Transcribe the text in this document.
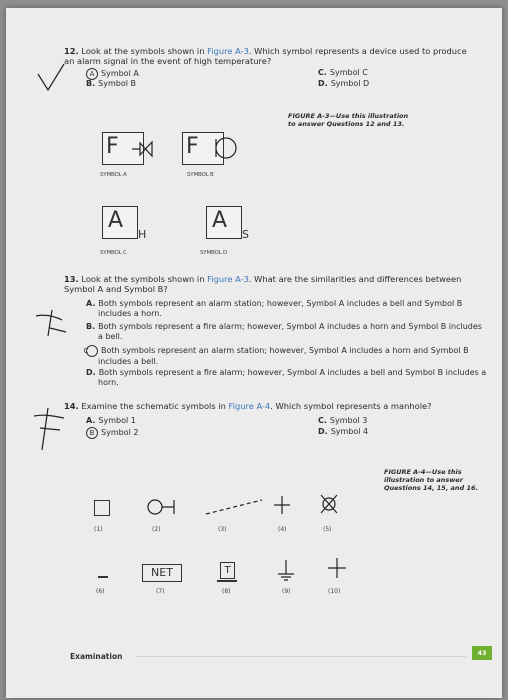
12. Look at the symbols shown in Figure A-3. Which symbol represents a device used to produce an alarm signal in the event of high temperature?
A Symbol A
B. Symbol B
C. Symbol C
D. Symbol D
FIGURE A-3—Use this illustration to answer Questions 12 and 13.
F
SYMBOL A
F
SYMBOL B
A
H
SYMBOL C
A
S
SYMBOL D
13. Look at the symbols shown in Figure A-3. What are the similarities and differences between Symbol A and Symbol B?
A. Both symbols represent an alarm station; however, Symbol A includes a bell and Symbol B includes a horn.
B. Both symbols represent a fire alarm; however, Symbol A includes a horn and Symbol B includes a bell.
C Both symbols represent an alarm station; however, Symbol A includes a horn and Symbol B includes a bell.
D. Both symbols represent a fire alarm; however, Symbol A includes a bell and Symbol B includes a horn.
14. Examine the schematic symbols in Figure A-4. Which symbol represents a manhole?
A. Symbol 1
B Symbol 2
C. Symbol 3
D. Symbol 4
FIGURE A-4—Use this illustration to answer Questions 14, 15, and 16.
(1)	(2)	(3)	(4)	(5)
(6)
NET
(7)
T
(8)	(9)	(10)
Examination	43
